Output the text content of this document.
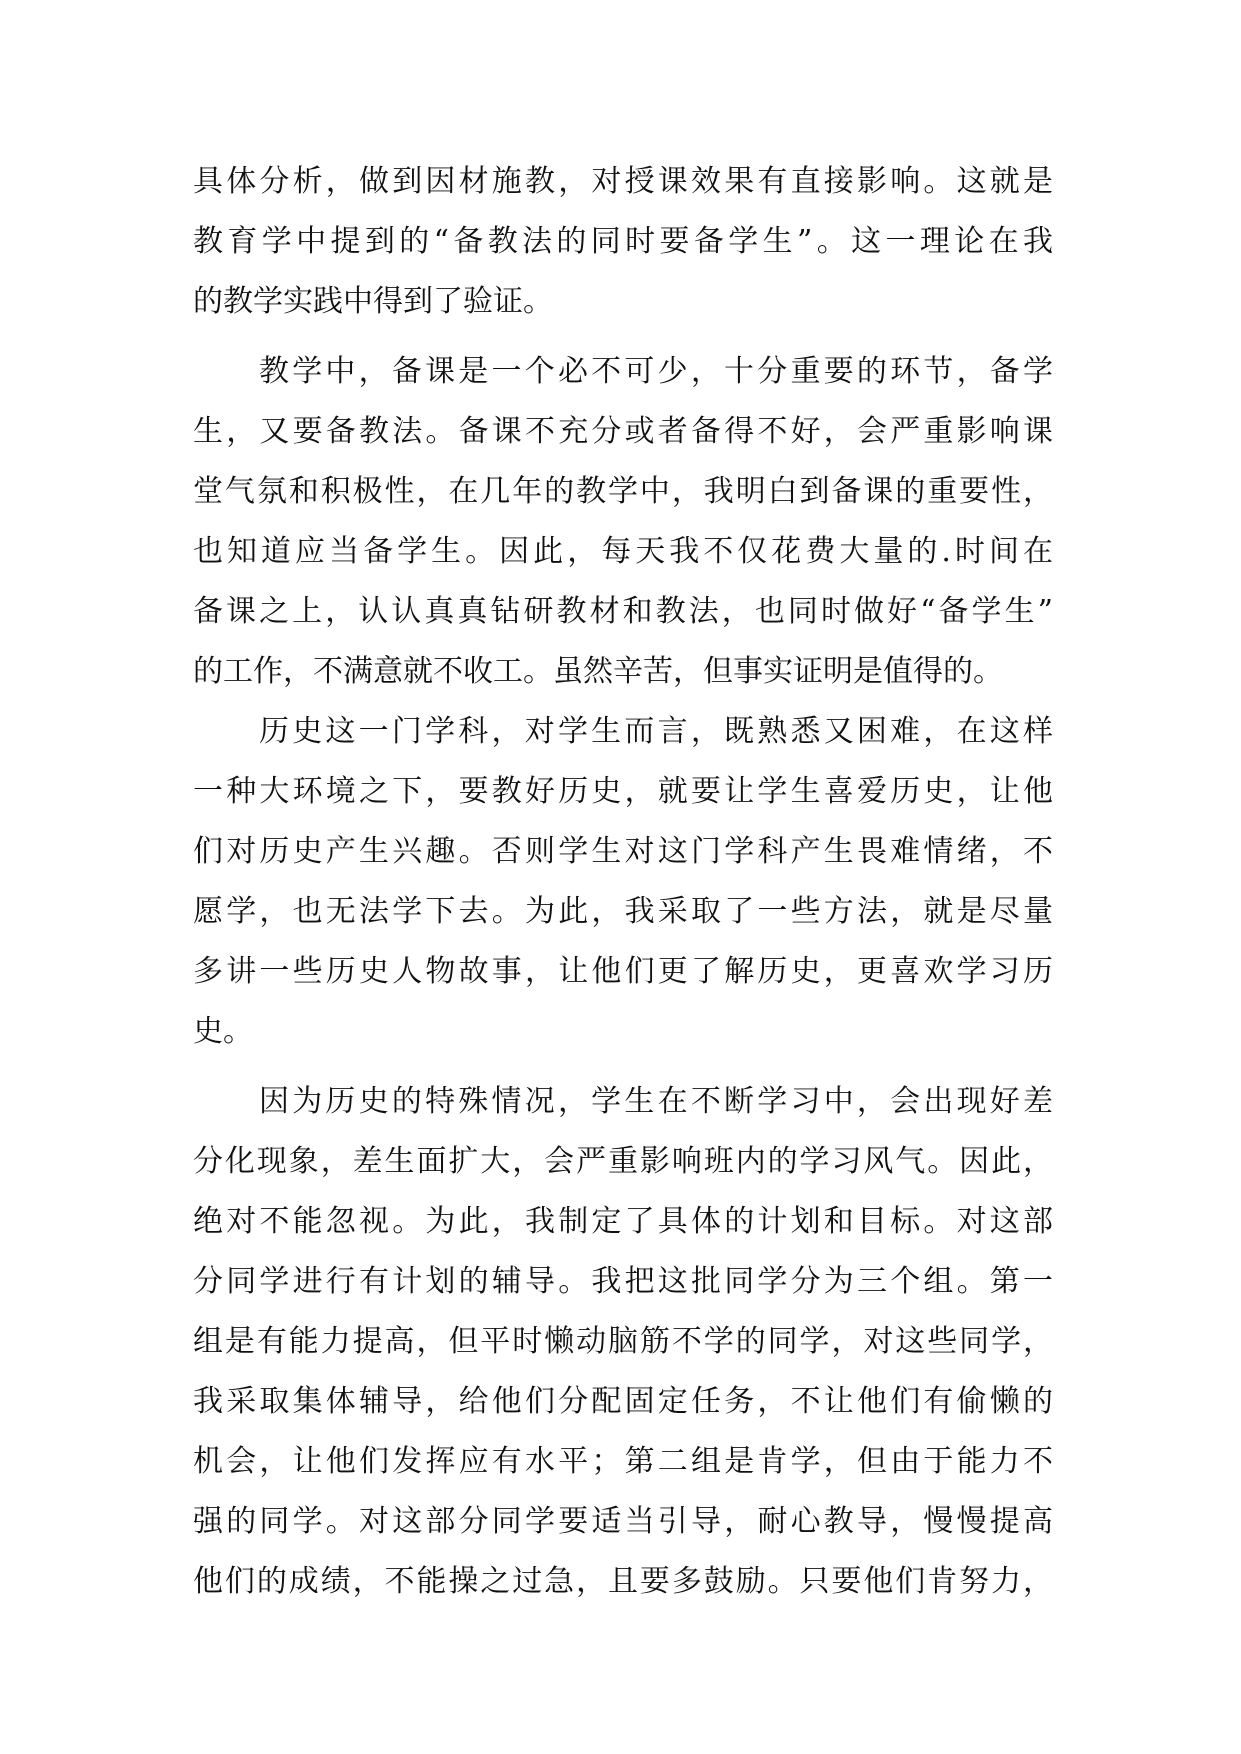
具体分析，做到因材施教，对授课效果有直接影响。这就是
教育学中提到的“备教法的同时要备学生”。这一理论在我
的教学实践中得到了验证。
教学中，备课是一个必不可少，十分重要的环节，备学
生，又要备教法。备课不充分或者备得不好，会严重影响课
堂气氛和积极性，在几年的教学中，我明白到备课的重要性，
也知道应当备学生。因此，每天我不仅花费大量的.时间在
备课之上，认认真真钻研教材和教法，也同时做好“备学生”
的工作，不满意就不收工。虽然辛苦，但事实证明是值得的。
历史这一门学科，对学生而言，既熟悉又困难，在这样
一种大环境之下，要教好历史，就要让学生喜爱历史，让他
们对历史产生兴趣。否则学生对这门学科产生畏难情绪，不
愿学，也无法学下去。为此，我采取了一些方法，就是尽量
多讲一些历史人物故事，让他们更了解历史，更喜欢学习历
史。
因为历史的特殊情况，学生在不断学习中，会出现好差
分化现象，差生面扩大，会严重影响班内的学习风气。因此，
绝对不能忽视。为此，我制定了具体的计划和目标。对这部
分同学进行有计划的辅导。我把这批同学分为三个组。第一
组是有能力提高，但平时懒动脑筋不学的同学，对这些同学，
我采取集体辅导，给他们分配固定任务，不让他们有偷懒的
机会，让他们发挥应有水平；第二组是肯学，但由于能力不
强的同学。对这部分同学要适当引导，耐心教导，慢慢提高
他们的成绩，不能操之过急，且要多鼓励。只要他们肯努力，
